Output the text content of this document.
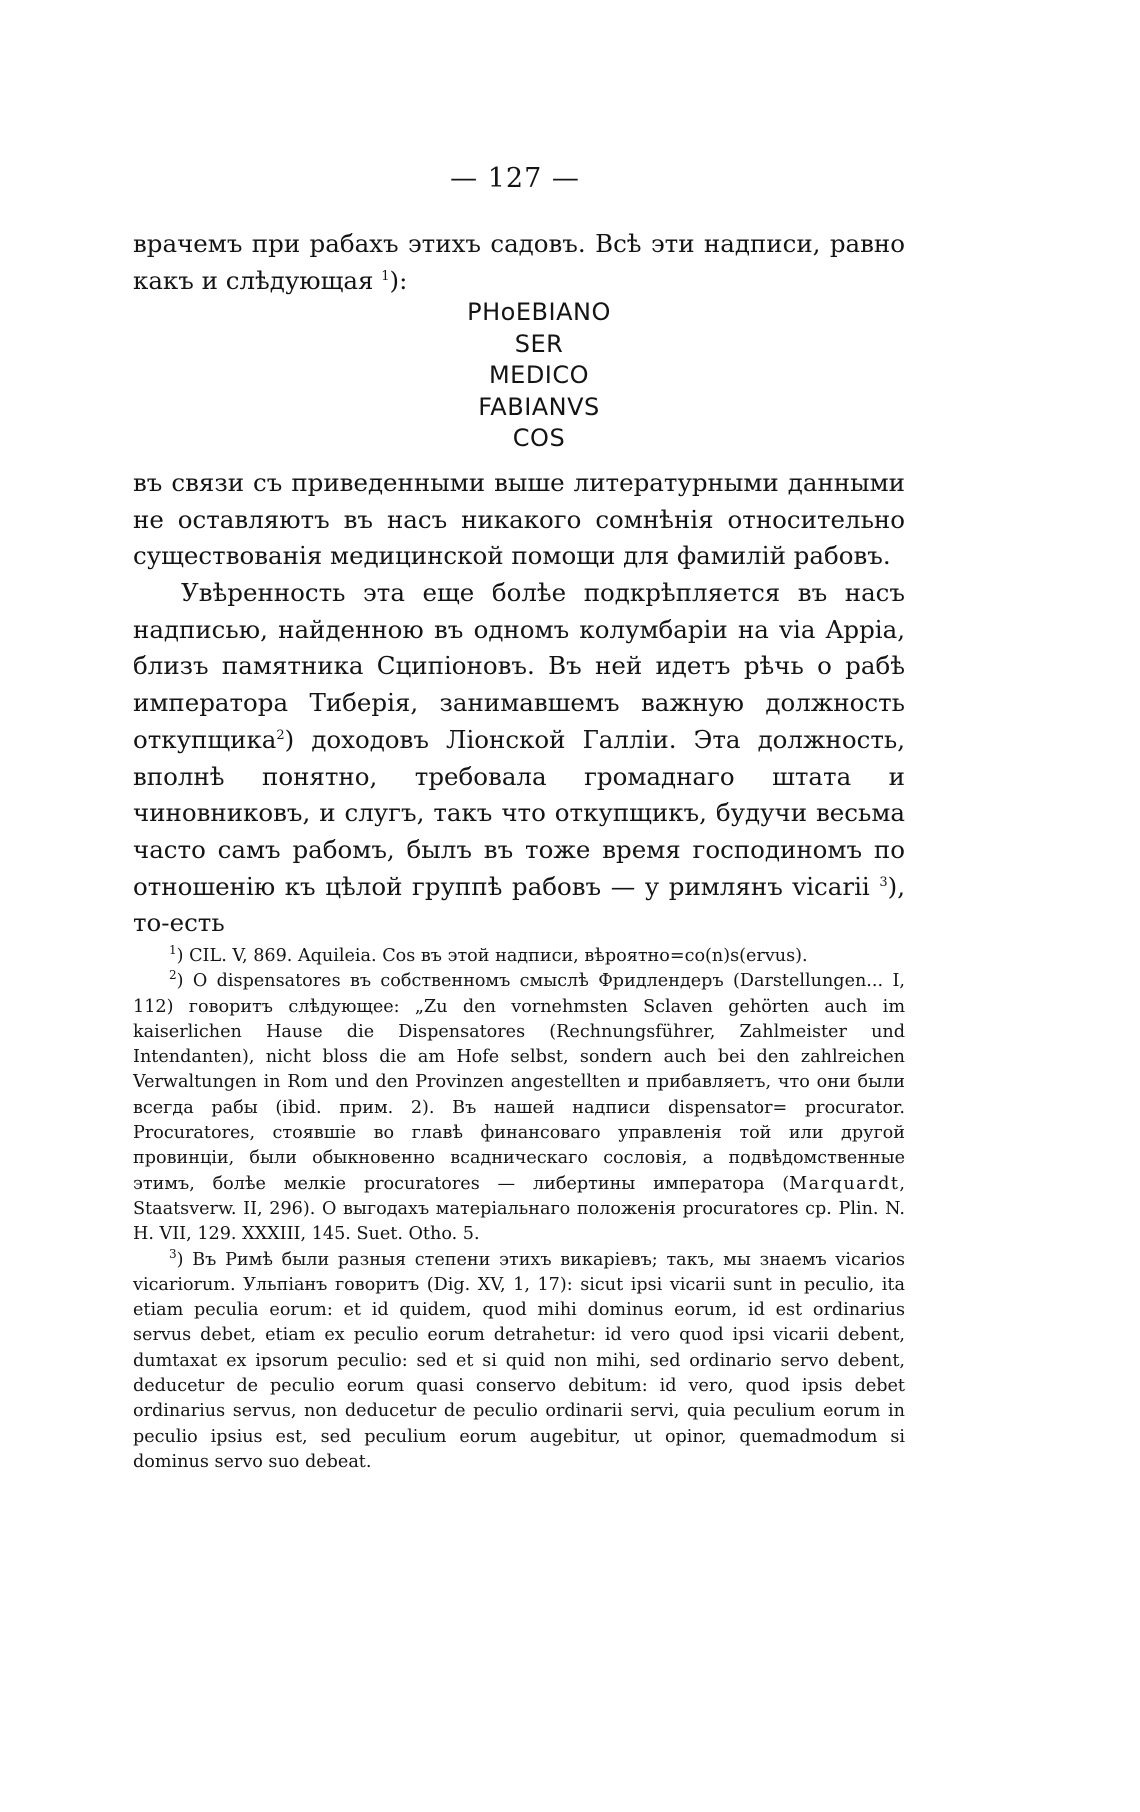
— 127 —

врачемъ при рабахъ этихъ садовъ. Всѣ эти надписи, равно

какъ и слѣдующая $^1$):

PHoEBIANO
SER
MEDICO
FABIANVS
COS

въ связи съ приведенными выше литературными данными не оставляютъ въ насъ никакого сомнѣнія относительно существованія медицинской помощи для фамилій рабовъ.

Увѣренность эта еще болѣе подкрѣпляется въ насъ надписью, найденною въ одномъ колумбаріи на via Appia, близъ памятника Сципіоновъ. Въ ней идетъ рѣчь о рабѣ императора Тиберія, занимавшемъ важную должность откупщика$^2$) доходовъ Ліонской Галліи. Эта должность, вполнѣ понятно, требовала громаднаго штата и чиновниковъ, и слугъ, такъ что откупщикъ, будучи весьма часто самъ рабомъ, былъ въ тоже время господиномъ по отношенію къ цѣлой группѣ рабовъ — у римлянъ vicarii $^3$), то-есть

$^1$) CIL. V, 869. Aquileia. Cos въ этой надписи, вѣроятно=co(n)s(ervus).

$^2$) O dispensatores въ собственномъ смыслѣ Фридлендеръ (Darstellungen... I, 112) говоритъ слѣдующее: „Zu den vornehmsten Sclaven gehörten auch im kaiserlichen Hause die Dispensatores (Rechnungsführer, Zahlmeister und Intendanten), nicht bloss die am Hofe selbst, sondern auch bei den zahlreichen Verwaltungen in Rom und den Provinzen angestellten и прибавляетъ, что они были всегда рабы (ibid. прим. 2). Въ нашей надписи dispensator= procurator. Procuratores, стоявшіе во главѣ финансоваго управленія той или другой провинціи, были обыкновенно всадническаго сословія, а подвѣдомственные этимъ, болѣе мелкіе procuratores — либертины императора (Marquardt, Staatsverw. II, 296). O выгодахъ матеріальнаго положенія procuratores cp. Plin. N. H. VII, 129. XXXIII, 145. Suet. Otho. 5.

$^3$) Въ Римѣ были разныя степени этихъ викаріевъ; такъ, мы знаемъ vicarios vicariorum. Ульпіанъ говоритъ (Dig. XV, 1, 17): sicut ipsi vicarii sunt in peculio, ita etiam peculia eorum: et id quidem, quod mihi dominus eorum, id est ordinarius servus debet, etiam ex peculio eorum detrahetur: id vero quod ipsi vicarii debent, dumtaxat ex ipsorum peculio: sed et si quid non mihi, sed ordinario servo debent, deducetur de peculio eorum quasi conservo debitum: id vero, quod ipsis debet ordinarius servus, non deducetur de peculio ordinarii servi, quia peculium eorum in peculio ipsius est, sed peculium eorum augebitur, ut opinor, quemadmodum si dominus servo suo debeat.
